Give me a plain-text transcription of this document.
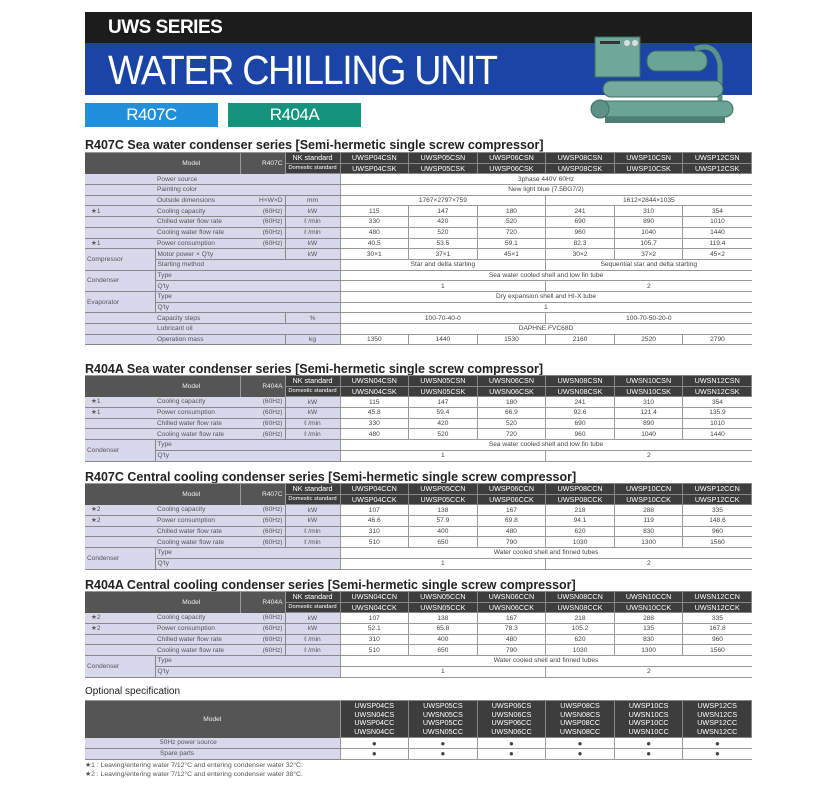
UWS SERIES
WATER CHILLING UNIT
R407C	R404A
R407C Sea water condenser series [Semi-hermetic single screw compressor]
Model		R407C	NK standard	UWSP04CSN	UWSP05CSN	UWSP06CSN	UWSP08CSN	UWSP10CSN	UWSP12CSN
			Domestic standard	UWSP04CSK	UWSP05CSK	UWSP06CSK	UWSP08CSK	UWSP10CSK	UWSP12CSK
	Power source			3phase 440V 60Hz					
	Painting color			New light blue (7.5BG7/2)					
	Outside dimensions	H×W×D	mm	1767×2797×759			1612×2844×1035		
★1	Cooling capacity	(60Hz)	kW	115	147	180	241	310	354
	Chilled water flow rate	(60Hz)	ℓ /min	330	420	520	690	890	1010
	Cooling water flow rate	(60Hz)	ℓ /min	480	520	720	960	1040	1440
★1	Power consumption	(60Hz)	kW	40.5	53.5	59.1	82.3	105.7	119.4
Compressor	Motor power × Q'ty		kW	30×1	37×1	45×1	30×2	37×2	45×2
	Starting method			Star and delta starting			Sequential star and delta starting		
Condenser	Type			Sea water cooled shell and low fin tube					
	Q'ty			1			2		
Evaporator	Type			Dry expansion shell and HI-X tube					
	Q'ty			1					
	Capacity steps		%	100-70-40-0			100-70-50-20-0		
	Lubricant oil			DAPHNE FVC68D					
	Operation mass		kg	1350	1440	1530	2160	2520	2790
R404A Sea water condenser series [Semi-hermetic single screw compressor]
Model		R404A	NK standard	UWSN04CSN	UWSN05CSN	UWSN06CSN	UWSN08CSN	UWSN10CSN	UWSN12CSN
			Domestic standard	UWSN04CSK	UWSN05CSK	UWSN06CSK	UWSN08CSK	UWSN10CSK	UWSN12CSK
★1	Cooling capacity	(60Hz)	kW	115	147	180	241	310	354
★1	Power consumption	(60Hz)	kW	45.8	59.4	66.9	92.6	121.4	135.9
	Chilled water flow rate	(60Hz)	ℓ /min	330	420	520	690	890	1010
	Cooling water flow rate	(60Hz)	ℓ /min	480	520	720	960	1040	1440
Condenser	Type			Sea water cooled shell and low fin tube					
	Q'ty			1			2		
R407C Central cooling condenser series [Semi-hermetic single screw compressor]
Model		R407C	NK standard	UWSP04CCN	UWSP05CCN	UWSP06CCN	UWSP08CCN	UWSP10CCN	UWSP12CCN
			Domestic standard	UWSP04CCK	UWSP05CCK	UWSP06CCK	UWSP08CCK	UWSP10CCK	UWSP12CCK
★2	Cooling capacity	(60Hz)	kW	107	138	167	218	288	335
★2	Power consumption	(60Hz)	kW	46.6	57.9	69.8	94.1	119	148.6
	Chilled water flow rate	(60Hz)	ℓ /min	310	400	480	620	830	960
	Cooling water flow rate	(60Hz)	ℓ /min	510	650	790	1030	1300	1560
Condenser	Type			Water cooled shell and finned tubes					
	Q'ty			1			2		
R404A Central cooling condenser series [Semi-hermetic single screw compressor]
Model		R404A	NK standard	UWSN04CCN	UWSN05CCN	UWSN06CCN	UWSN08CCN	UWSN10CCN	UWSN12CCN
			Domestic standard	UWSN04CCK	UWSN05CCK	UWSN06CCK	UWSN08CCK	UWSN10CCK	UWSN12CCK
★2	Cooling capacity	(60Hz)	kW	107	138	167	218	288	335
★2	Power consumption	(60Hz)	kW	52.1	65.8	78.3	105.2	135	167.8
	Chilled water flow rate	(60Hz)	ℓ /min	310	400	480	620	830	960
	Cooling water flow rate	(60Hz)	ℓ /min	510	650	790	1030	1300	1560
Condenser	Type			Water cooled shell and finned tubes					
	Q'ty			1			2		
Optional specification
Model	UWSP04CS
UWSN04CS
UWSP04CC
UWSN04CC	UWSP05CS
UWSN05CS
UWSP05CC
UWSN05CC	UWSP06CS
UWSN06CS
UWSP06CC
UWSN06CC	UWSP08CS
UWSN08CS
UWSP08CC
UWSN08CC	UWSP10CS
UWSN10CS
UWSP10CC
UWSN10CC	UWSP12CS
UWSN12CS
UWSP12CC
UWSN12CC
50Hz power source	●	●	●	●	●	●
Spare parts	●	●	●	●	●	●
★1 : Leaving/entering water 7/12°C and entering condenser water 32°C.
★2 : Leaving/entering water 7/12°C and entering condenser water 38°C.
